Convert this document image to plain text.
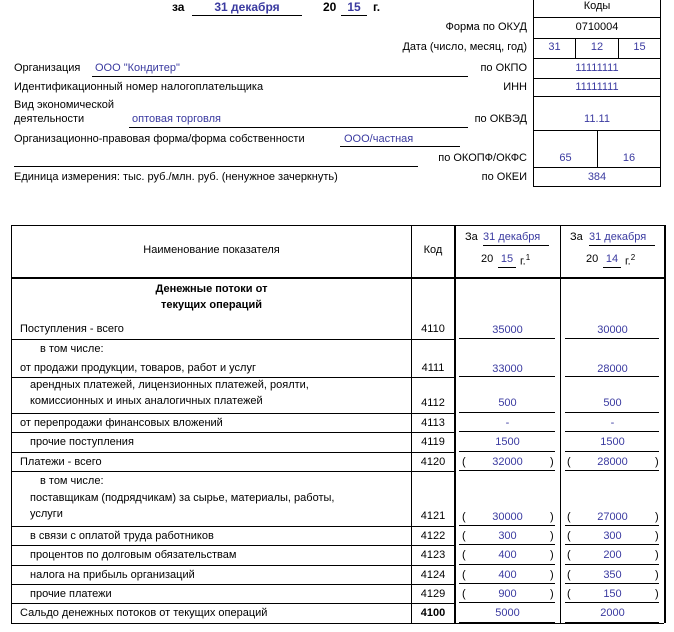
за	31 декабря	20 15	г.	Коды
Форма по ОКУД	0710004
Дата (число, месяц, год)	31	12	15
Организация ООО "Кондитер"	по ОКПО	11111111
Идентификационный номер налогоплательщика	ИНН	11111111
Вид экономической
деятельности	оптовая торговля	по ОКВЭД	11.11
Организационно-правовая форма/форма собственности	ООО/частная
по ОКОПФ/ОКФС	65	16
Единица измерения: тыс. руб./млн. руб. (ненужное зачеркнуть)	по ОКЕИ	384
Наименование показателя	Код
За 31 декабря
20 15 г.$^1$
За 31 декабря
20 14 г.$^2$
Денежные потоки от
текущих операций
Поступления - всего	4110	35000	30000
в том числе:
от продажи продукции, товаров, работ и услуг	4111	33000	28000
арендных платежей, лицензионных платежей, роялти,
комиссионных и иных аналогичных платежей	4112	500	500
от перепродажи финансовых вложений	4113	-	-
прочие поступления	4119	1500	1500
Платежи - всего	4120	32000	28000
(	) (	)
в том числе:
поставщикам (подрядчикам) за сырье, материалы, работы,
услуги	4121	30000	27000
(	) (	)
в связи с оплатой труда работников	4122	300	300
(	) (	)
процентов по долговым обязательствам	4123	400	200
(	) (	)
налога на прибыль организаций	4124	400	350
(	) (	)
прочие платежи	4129	900	150
(	) (	)
Сальдо денежных потоков от текущих операций	4100	5000	2000
